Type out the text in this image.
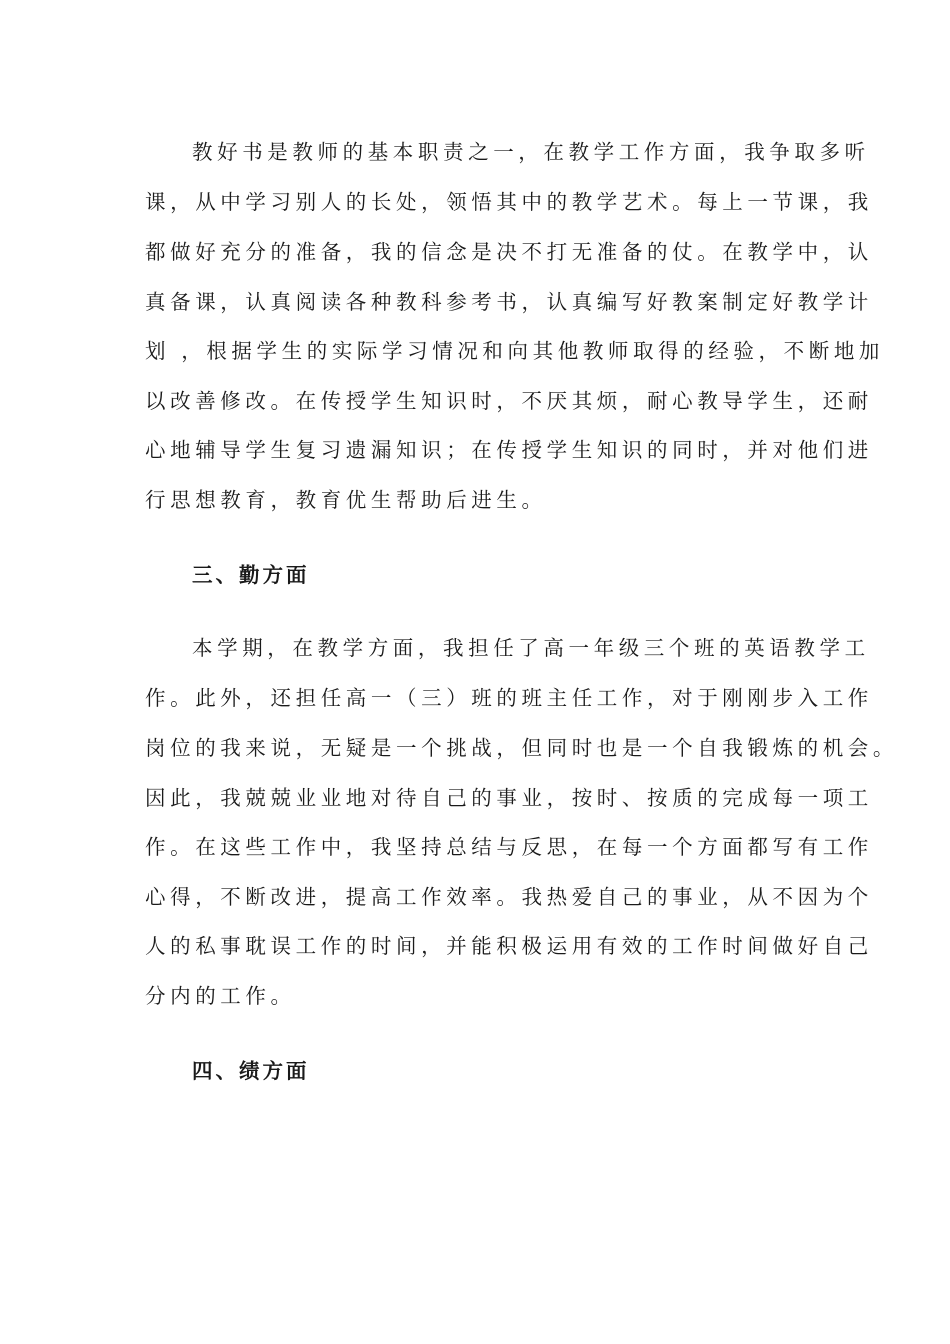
教好书是教师的基本职责之一，在教学工作方面，我争取多听
课，从中学习别人的长处，领悟其中的教学艺术。每上一节课，我
都做好充分的准备，我的信念是决不打无准备的仗。在教学中，认
真备课，认真阅读各种教科参考书，认真编写好教案制定好教学计
划 ，根据学生的实际学习情况和向其他教师取得的经验，不断地加
以改善修改。在传授学生知识时，不厌其烦，耐心教导学生，还耐
心地辅导学生复习遗漏知识；在传授学生知识的同时，并对他们进
行思想教育，教育优生帮助后进生。
三、勤方面
本学期，在教学方面，我担任了高一年级三个班的英语教学工
作。此外，还担任高一（三）班的班主任工作，对于刚刚步入工作
岗位的我来说，无疑是一个挑战，但同时也是一个自我锻炼的机会。
因此，我兢兢业业地对待自己的事业，按时、按质的完成每一项工
作。在这些工作中，我坚持总结与反思，在每一个方面都写有工作
心得，不断改进，提高工作效率。我热爱自己的事业，从不因为个
人的私事耽误工作的时间，并能积极运用有效的工作时间做好自己
分内的工作。
四、绩方面
